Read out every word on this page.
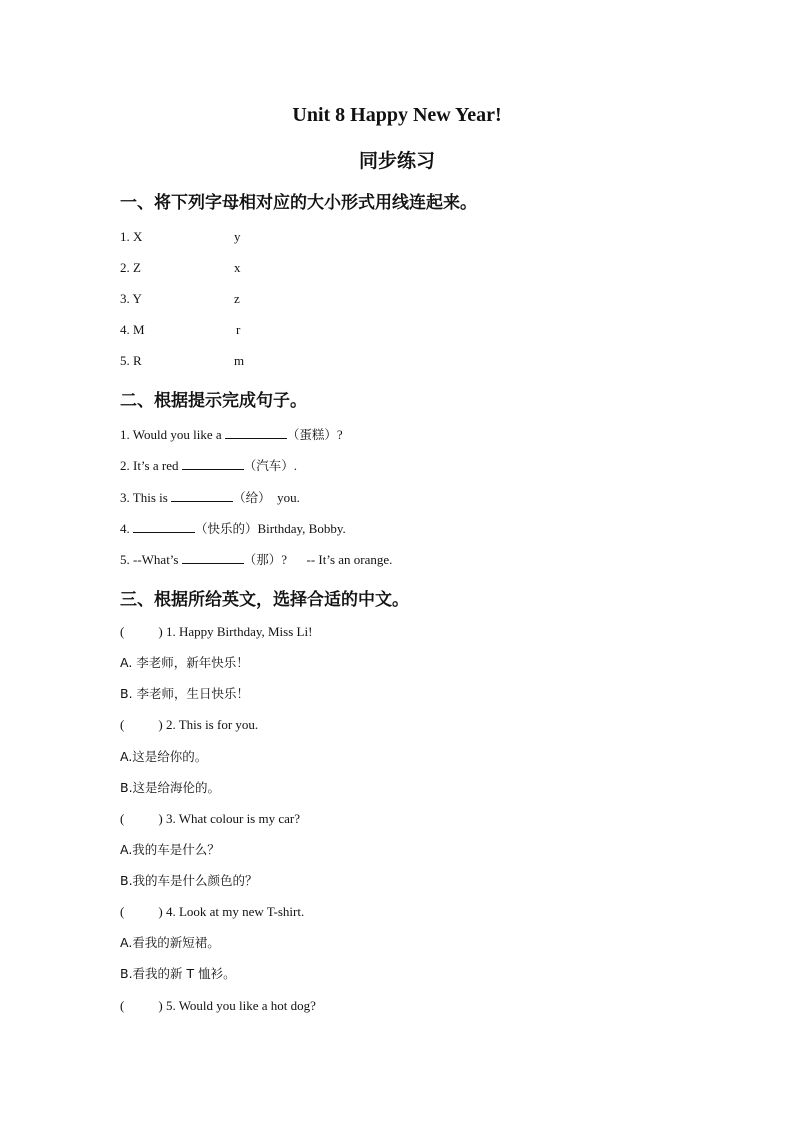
Unit 8 Happy New Year!
同步练习
一、将下列字母相对应的大小形式用线连起来。
1. X	y
2. Z	x
3. Y	z
4. M	r
5. R	m
二、根据提示完成句子。
1. Would you like a	（蛋糕）?
2. It’s a red	（汽车）.
3. This is	（给）  you.
4.	（快乐的）Birthday, Bobby.
5. --What’s	（那）?      -- It’s an orange.
三、根据所给英文，选择合适的中文。
(	) 1. Happy Birthday, Miss Li!
A. 李老师，新年快乐！
B. 李老师，生日快乐！
(	) 2. This is for you.
A.这是给你的。
B.这是给海伦的。
(	) 3. What colour is my car?
A.我的车是什么？
B.我的车是什么颜色的？
(	) 4. Look at my new T-shirt.
A.看我的新短裙。
B.看我的新 T 恤衫。
(	) 5. Would you like a hot dog?
